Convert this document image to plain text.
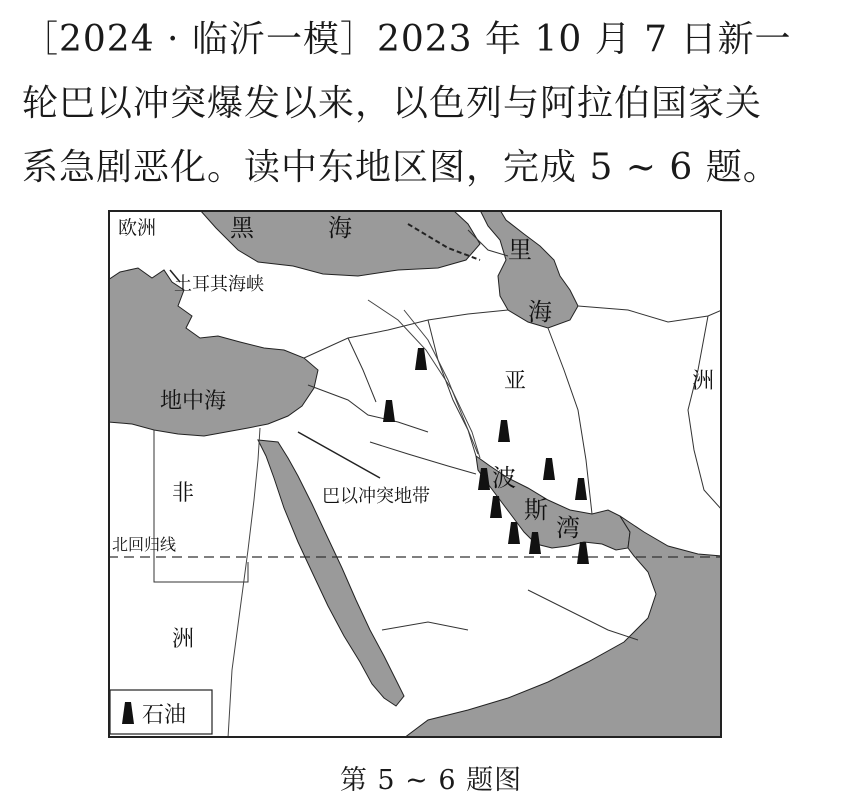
［2024 · 临沂一模］2023 年 10 月 7 日新一
轮巴以冲突爆发以来，以色列与阿拉伯国家关
系急剧恶化。读中东地区图，完成 5 ~ 6 题。
欧洲	黑	海
里
海
土耳其海峡
亚	洲
地中海
非
洲
巴以冲突地带
波
斯
湾
北回归线
石油
第 5 ~ 6 题图
